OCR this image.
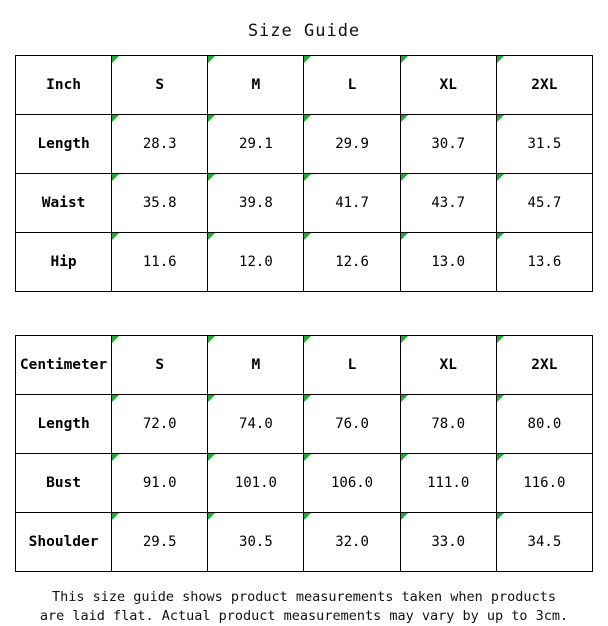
Size Guide
Inch	S	M	L	XL	2XL
Length	28.3	29.1	29.9	30.7	31.5
Waist	35.8	39.8	41.7	43.7	45.7
Hip	11.6	12.0	12.6	13.0	13.6
Centimeter	S	M	L	XL	2XL
Length	72.0	74.0	76.0	78.0	80.0
Bust	91.0	101.0	106.0	111.0	116.0
Shoulder	29.5	30.5	32.0	33.0	34.5
This size guide shows product measurements taken when products
are laid flat. Actual product measurements may vary by up to 3cm.
